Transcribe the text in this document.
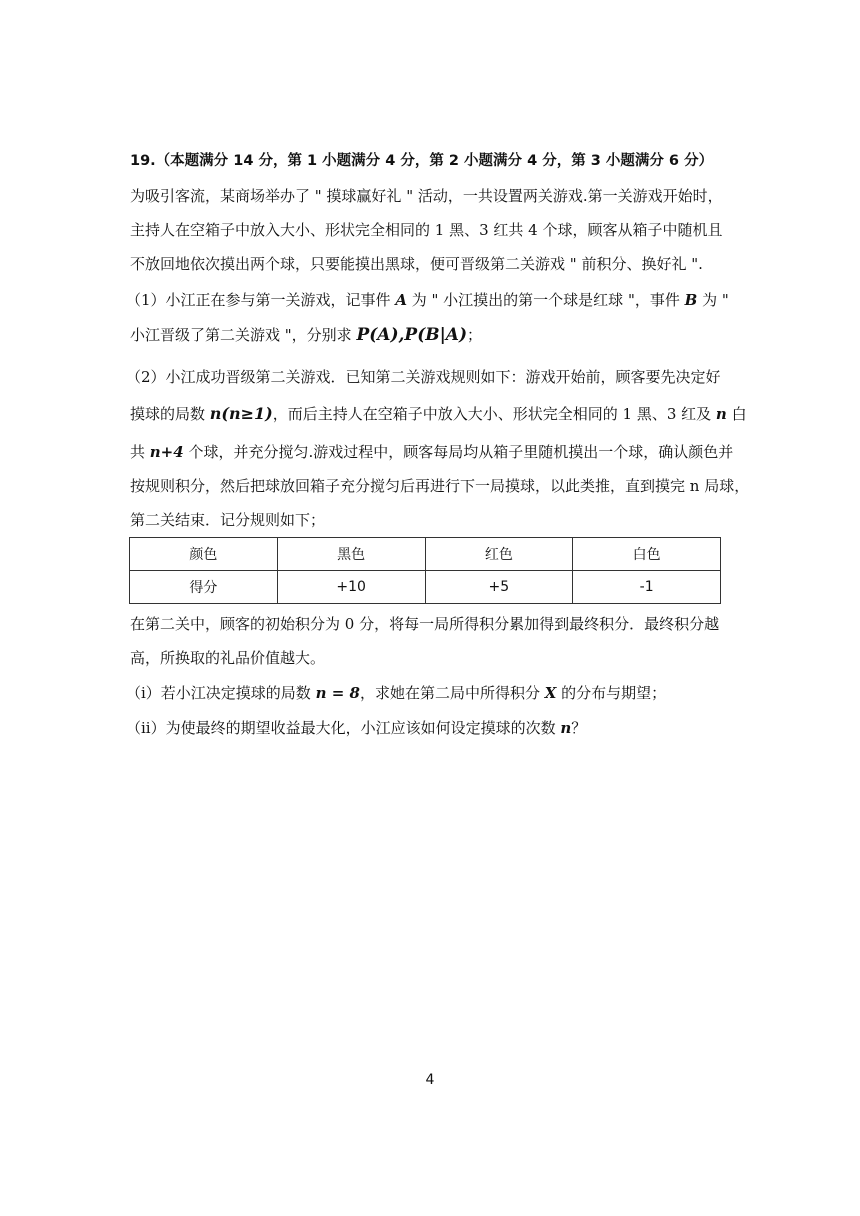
19.（本题满分 14 分，第 1 小题满分 4 分，第 2 小题满分 4 分，第 3 小题满分 6 分）
为吸引客流，某商场举办了 " 摸球赢好礼 " 活动，一共设置两关游戏.第一关游戏开始时，
主持人在空箱子中放入大小、形状完全相同的 1 黑、3 红共 4 个球，顾客从箱子中随机且
不放回地依次摸出两个球，只要能摸出黑球，便可晋级第二关游戏 " 前积分、换好礼 ".
（1）小江正在参与第一关游戏，记事件 A 为 " 小江摸出的第一个球是红球 "，事件 B 为 "
小江晋级了第二关游戏 "，分别求 P(A),P(B|A)；
（2）小江成功晋级第二关游戏．已知第二关游戏规则如下：游戏开始前，顾客要先决定好
摸球的局数 n(n≥1)，而后主持人在空箱子中放入大小、形状完全相同的 1 黑、3 红及 n 白
共 n+4 个球，并充分搅匀.游戏过程中，顾客每局均从箱子里随机摸出一个球，确认颜色并
按规则积分，然后把球放回箱子充分搅匀后再进行下一局摸球，以此类推，直到摸完 n 局球，
第二关结束．记分规则如下；
颜色	黑色	红色	白色
得分	+10	+5	-1
在第二关中，顾客的初始积分为 0 分，将每一局所得积分累加得到最终积分．最终积分越
高，所换取的礼品价值越大。
（i）若小江决定摸球的局数 n = 8，求她在第二局中所得积分 X 的分布与期望；
（ii）为使最终的期望收益最大化，小江应该如何设定摸球的次数 n？
4
